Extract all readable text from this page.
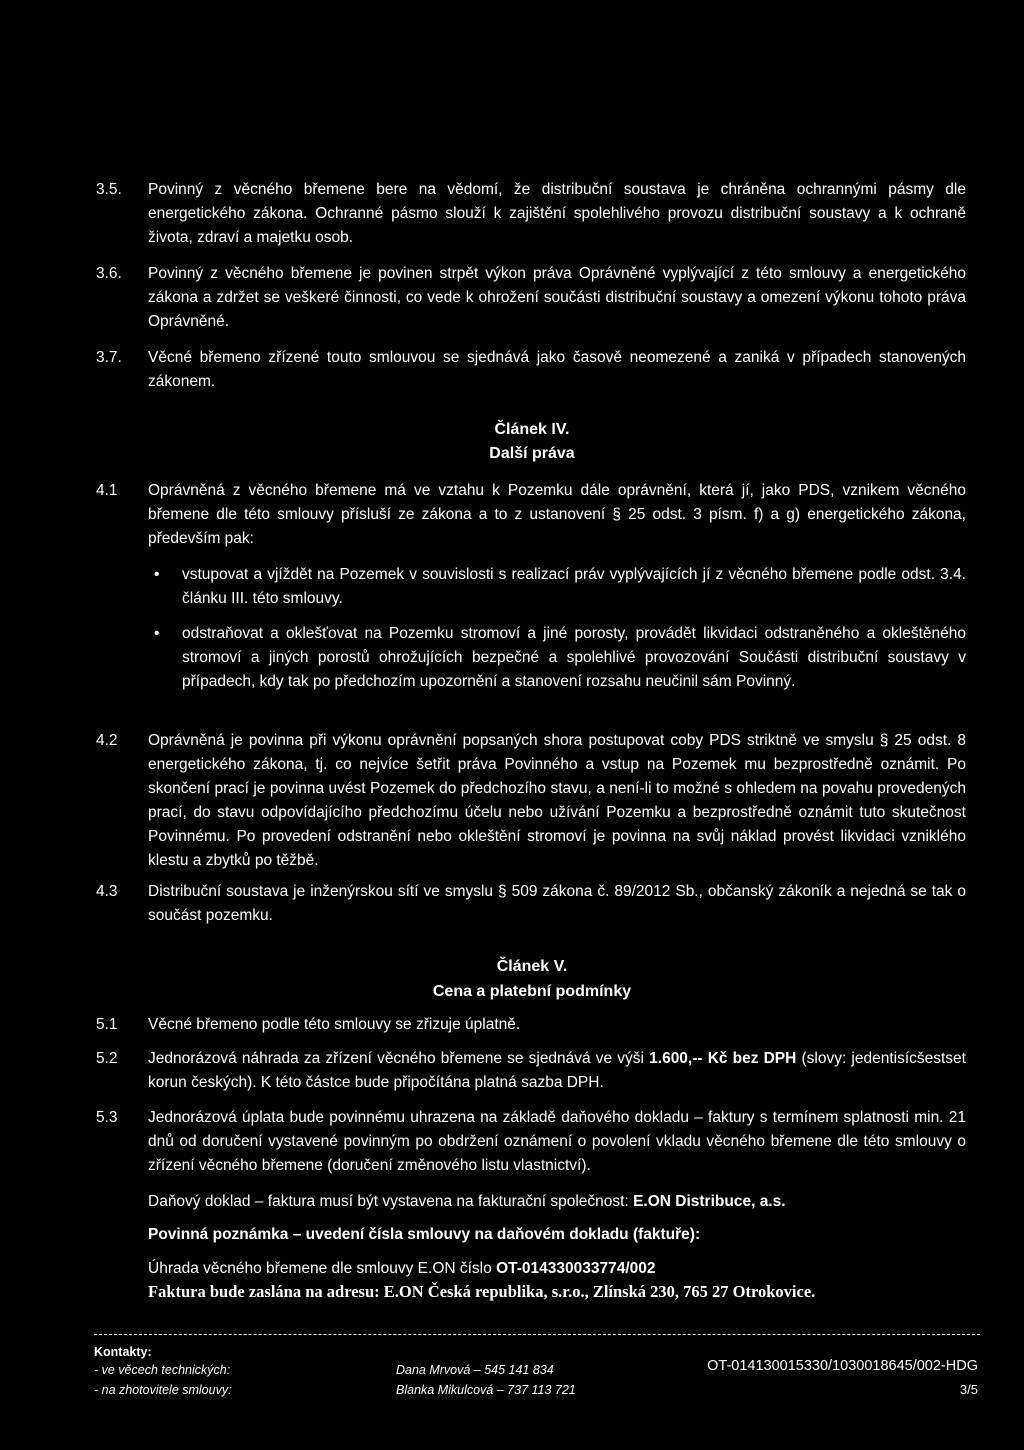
3.5. Povinný z věcného břemene bere na vědomí, že distribuční soustava je chráněna ochrannými pásmy dle energetického zákona. Ochranné pásmo slouží k zajištění spolehlivého provozu distribuční soustavy a k ochraně života, zdraví a majetku osob.
3.6. Povinný z věcného břemene je povinen strpět výkon práva Oprávněné vyplývající z této smlouvy a energetického zákona a zdržet se veškeré činnosti, co vede k ohrožení součásti distribuční soustavy a omezení výkonu tohoto práva Oprávněné.
3.7. Věcné břemeno zřízené touto smlouvou se sjednává jako časově neomezené a zaniká v případech stanovených zákonem.
Článek IV.
Další práva
4.1 Oprávněná z věcného břemene má ve vztahu k Pozemku dále oprávnění, která jí, jako PDS, vznikem věcného břemene dle této smlouvy přísluší ze zákona a to z ustanovení § 25 odst. 3 písm. f) a g) energetického zákona, především pak:
• vstupovat a vjíždět na Pozemek v souvislosti s realizací práv vyplývajících jí z věcného břemene podle odst. 3.4. článku III. této smlouvy.
• odstraňovat a oklešťovat na Pozemku stromoví a jiné porosty, provádět likvidaci odstraněného a okleštěného stromoví a jiných porostů ohrožujících bezpečné a spolehlivé provozování Součásti distribuční soustavy v případech, kdy tak po předchozím upozornění a stanovení rozsahu neučinil sám Povinný.
4.2 Oprávněná je povinna při výkonu oprávnění popsaných shora postupovat coby PDS striktně ve smyslu § 25 odst. 8 energetického zákona, tj. co nejvíce šetřit práva Povinného a vstup na Pozemek mu bezprostředně oznámit. Po skončení prací je povinna uvést Pozemek do předchozího stavu, a není-li to možné s ohledem na povahu provedených prací, do stavu odpovídajícího předchozímu účelu nebo užívání Pozemku a bezprostředně oznámit tuto skutečnost Povinnému. Po provedení odstranění nebo okleštění stromoví je povinna na svůj náklad provést likvidaci vzniklého klestu a zbytků po těžbě.
4.3 Distribuční soustava je inženýrskou sítí ve smyslu § 509 zákona č. 89/2012 Sb., občanský zákoník a nejedná se tak o součást pozemku.
Článek V.
Cena a platební podmínky
5.1 Věcné břemeno podle této smlouvy se zřizuje úplatně.
5.2 Jednorázová náhrada za zřízení věcného břemene se sjednává ve výši 1.600,-- Kč bez DPH (slovy: jedentisícšestset korun českých). K této částce bude připočítána platná sazba DPH.
5.3 Jednorázová úplata bude povinnému uhrazena na základě daňového dokladu – faktury s termínem splatnosti min. 21 dnů od doručení vystavené povinným po obdržení oznámení o povolení vkladu věcného břemene dle této smlouvy o zřízení věcného břemene (doručení změnového listu vlastnictví).
Daňový doklad – faktura musí být vystavena na fakturační společnost: E.ON Distribuce, a.s.
Povinná poznámka – uvedení čísla smlouvy na daňovém dokladu (faktuře):
Úhrada věcného břemene dle smlouvy E.ON číslo OT-014330033774/002
Faktura bude zaslána na adresu: E.ON Česká republika, s.r.o., Zlínská 230, 765 27 Otrokovice.
Kontakty:
- ve věcech technických:	Dana Mrvová – 545 141 834
- na zhotovitele smlouvy:	Blanka Mikulcová – 737 113 721
OT-014130015330/1030018645/002-HDG
3/5
